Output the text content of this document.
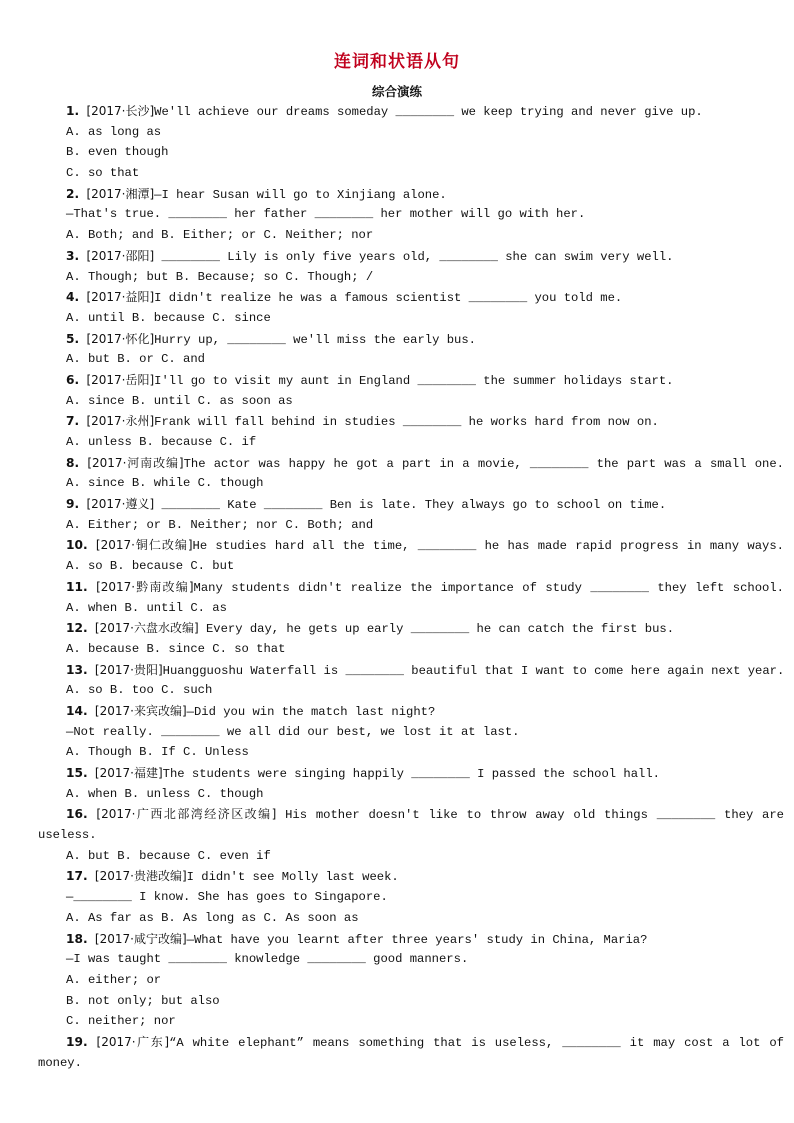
连词和状语从句
综合演练
1. [2017·长沙]We'll achieve our dreams someday ________ we keep trying and never give up.
A. as long as
B. even though
C. so that
2. [2017·湘潭]—I hear Susan will go to Xinjiang alone.
—That's true. ________ her father ________ her mother will go with her.
A. Both; and B. Either; or C. Neither; nor
3. [2017·邵阳] ________ Lily is only five years old, ________ she can swim very well.
A. Though; but B. Because; so C. Though; /
4. [2017·益阳]I didn't realize he was a famous scientist ________ you told me.
A. until B. because C. since
5. [2017·怀化]Hurry up, ________ we'll miss the early bus.
A. but B. or C. and
6. [2017·岳阳]I'll go to visit my aunt in England ________ the summer holidays start.
A. since B. until C. as soon as
7. [2017·永州]Frank will fall behind in studies ________ he works hard from now on.
A. unless B. because C. if
8. [2017·河南改编]The actor was happy he got a part in a movie, ________ the part was a small one.
A. since B. while C. though
9. [2017·遵义] ________ Kate ________ Ben is late. They always go to school on time.
A. Either; or B. Neither; nor C. Both; and
10. [2017·铜仁改编]He studies hard all the time, ________ he has made rapid progress in many ways.
A. so B. because C. but
11. [2017·黔南改编]Many students didn't realize the importance of study ________ they left school.
A. when B. until C. as
12. [2017·六盘水改编] Every day, he gets up early ________ he can catch the first bus.
A. because B. since C. so that
13. [2017·贵阳]Huangguoshu Waterfall is ________ beautiful that I want to come here again next year.
A. so B. too C. such
14. [2017·来宾改编]—Did you win the match last night?
—Not really. ________ we all did our best, we lost it at last.
A. Though B. If C. Unless
15. [2017·福建]The students were singing happily ________ I passed the school hall.
A. when B. unless C. though
16. [2017·广西北部湾经济区改编] His mother doesn't like to throw away old things ________ they are
useless.
A. but B. because C. even if
17. [2017·贵港改编]I didn't see Molly last week.
—________ I know. She has goes to Singapore.
A. As far as B. As long as C. As soon as
18. [2017·咸宁改编]—What have you learnt after three years' study in China, Maria?
—I was taught ________ knowledge ________ good manners.
A. either; or
B. not only; but also
C. neither; nor
19. [2017·广东]“A white elephant” means something that is useless, ________ it may cost a lot of
money.
